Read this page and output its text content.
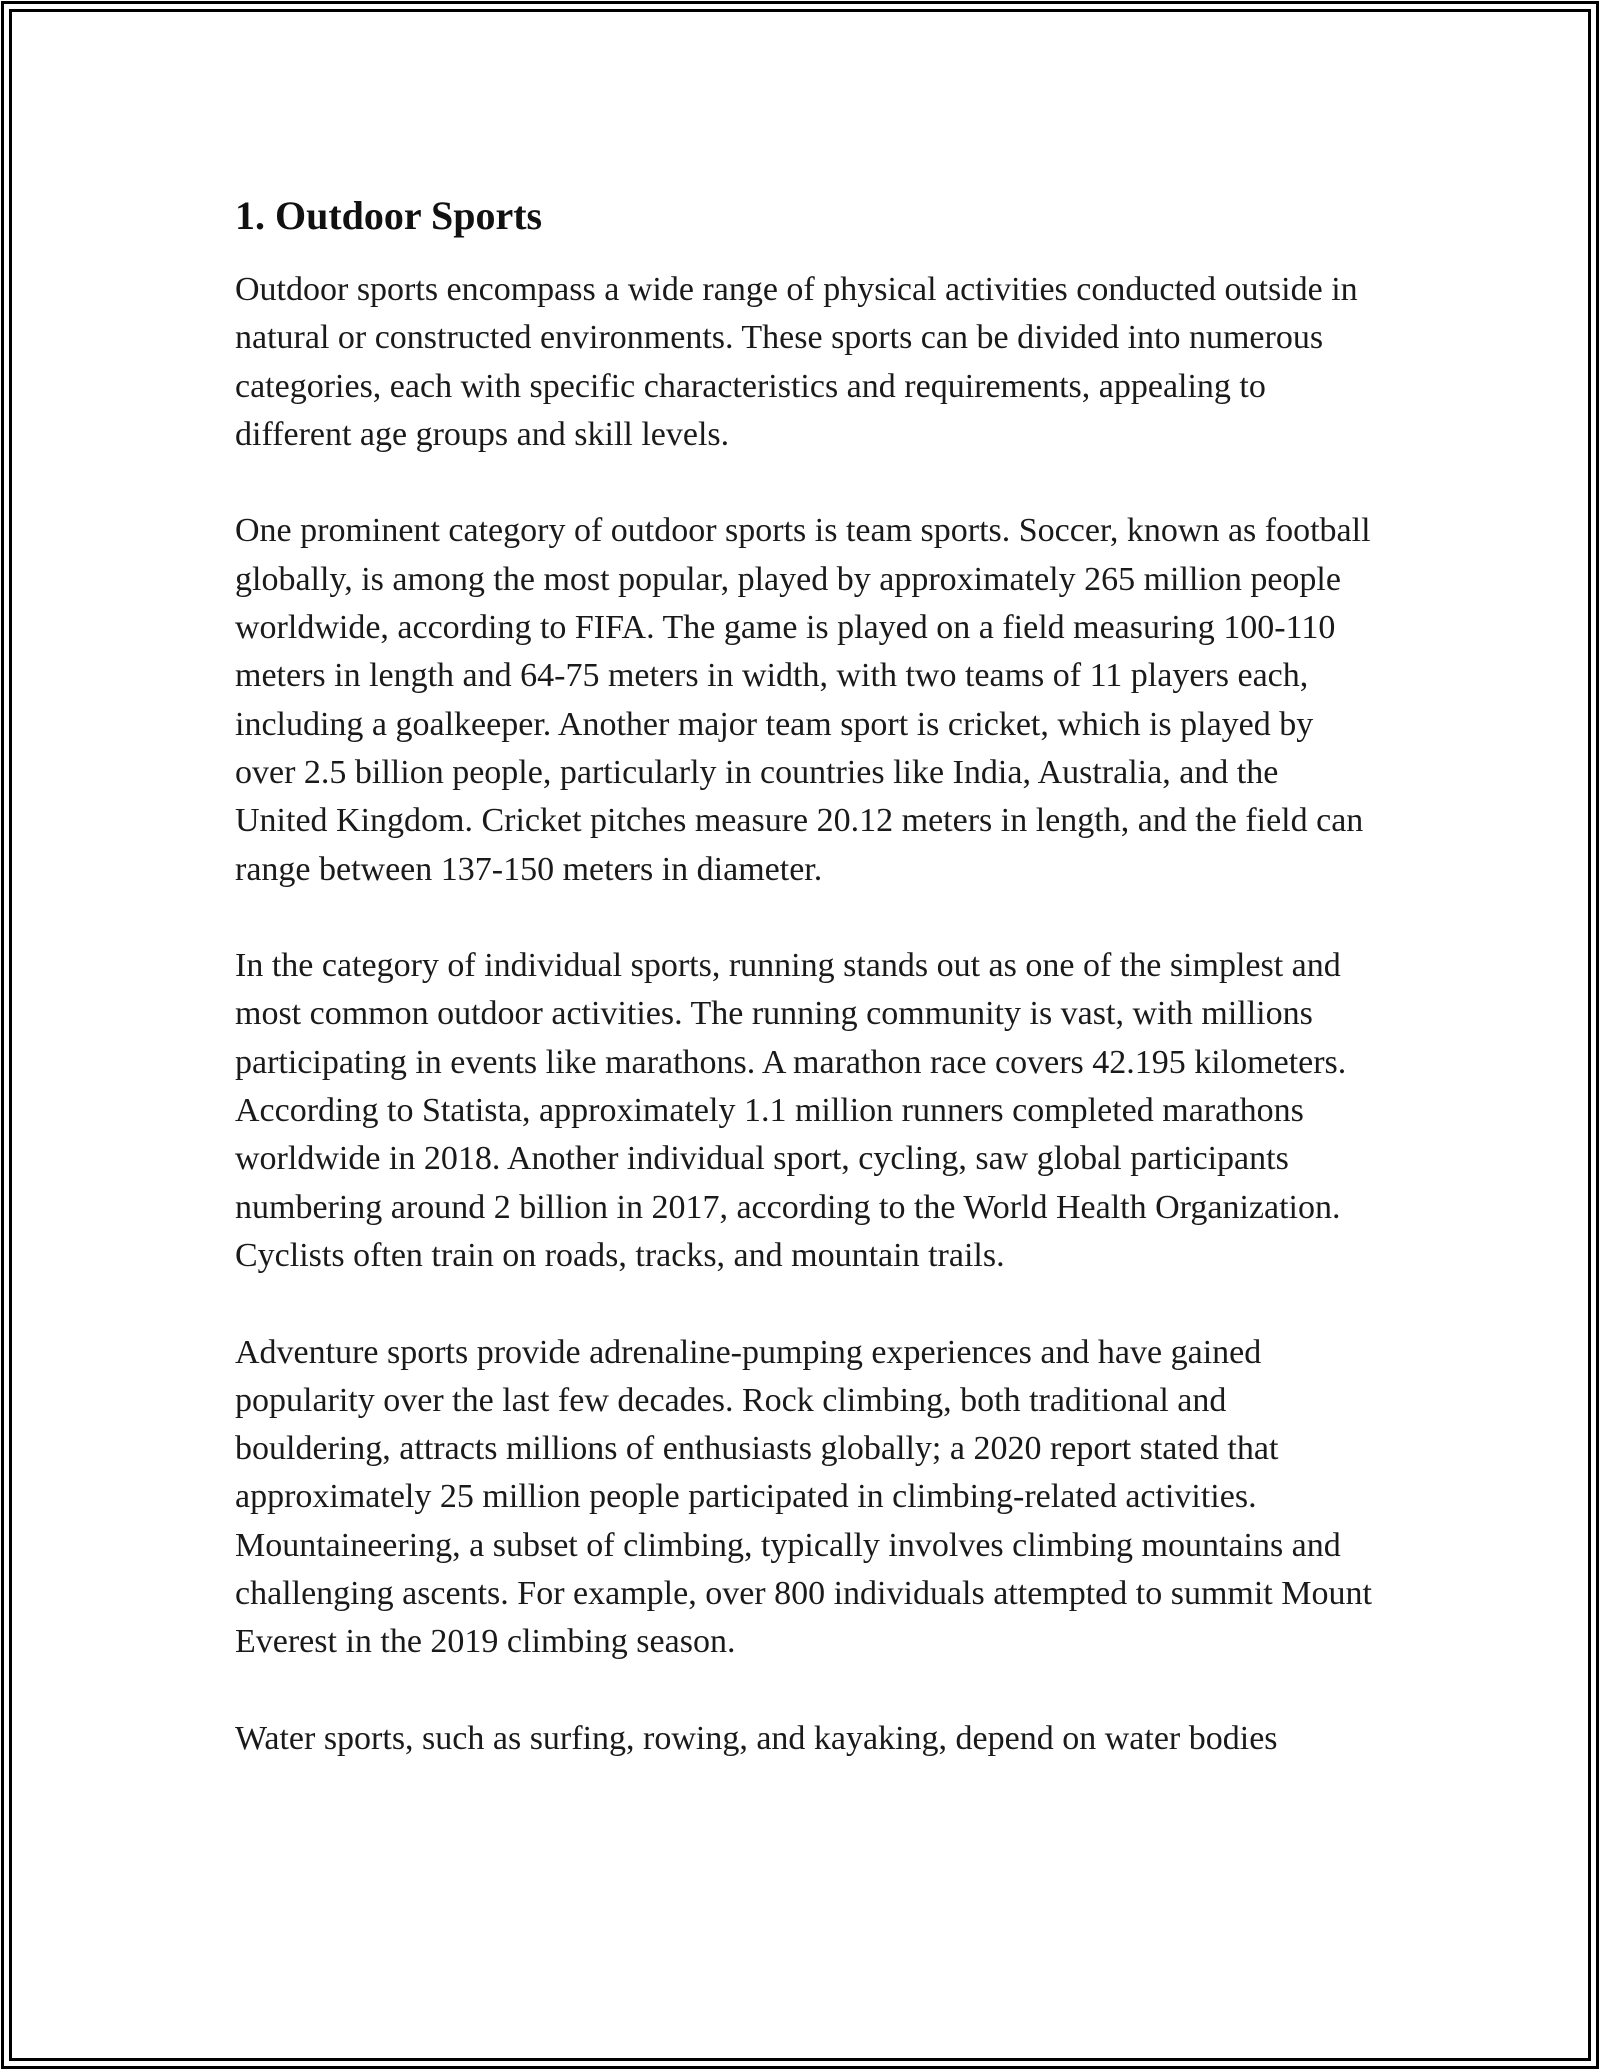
1. Outdoor Sports

Outdoor sports encompass a wide range of physical activities conducted outside in natural or constructed environments. These sports can be divided into numerous categories, each with specific characteristics and requirements, appealing to different age groups and skill levels.

One prominent category of outdoor sports is team sports. Soccer, known as football globally, is among the most popular, played by approximately 265 million people worldwide, according to FIFA. The game is played on a field measuring 100-110 meters in length and 64-75 meters in width, with two teams of 11 players each, including a goalkeeper. Another major team sport is cricket, which is played by over 2.5 billion people, particularly in countries like India, Australia, and the United Kingdom. Cricket pitches measure 20.12 meters in length, and the field can range between 137-150 meters in diameter.

In the category of individual sports, running stands out as one of the simplest and most common outdoor activities. The running community is vast, with millions participating in events like marathons. A marathon race covers 42.195 kilometers. According to Statista, approximately 1.1 million runners completed marathons worldwide in 2018. Another individual sport, cycling, saw global participants numbering around 2 billion in 2017, according to the World Health Organization. Cyclists often train on roads, tracks, and mountain trails.

Adventure sports provide adrenaline-pumping experiences and have gained popularity over the last few decades. Rock climbing, both traditional and bouldering, attracts millions of enthusiasts globally; a 2020 report stated that approximately 25 million people participated in climbing-related activities. Mountaineering, a subset of climbing, typically involves climbing mountains and challenging ascents. For example, over 800 individuals attempted to summit Mount Everest in the 2019 climbing season.

Water sports, such as surfing, rowing, and kayaking, depend on water bodies
